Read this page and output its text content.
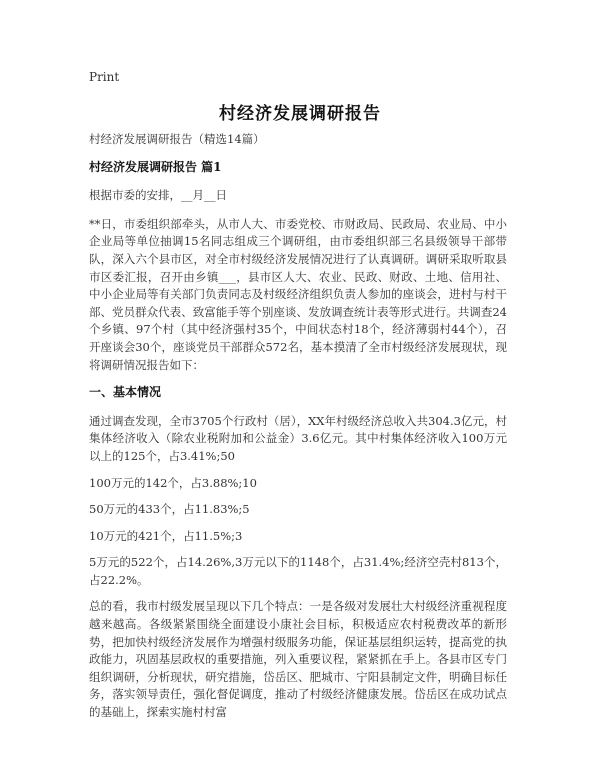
Print
村经济发展调研报告

村经济发展调研报告（精选14篇）

村经济发展调研报告 篇1

根据市委的安排，__月__日

**日，市委组织部牵头，从市人大、市委党校、市财政局、民政局、农业局、中小企业局等单位抽调15名同志组成三个调研组，由市委组织部三名县级领导干部带队，深入六个县市区，对全市村级经济发展情况进行了认真调研。调研采取听取县市区委汇报，召开由乡镇___，县市区人大、农业、民政、财政、土地、信用社、中小企业局等有关部门负责同志及村级经济组织负责人参加的座谈会，进村与村干部、党员群众代表、致富能手等个别座谈、发放调查统计表等形式进行。共调查24个乡镇、97个村（其中经济强村35个，中间状态村18个，经济薄弱村44个），召开座谈会30个，座谈党员干部群众572名，基本摸清了全市村级经济发展现状，现将调研情况报告如下：

一、基本情况

通过调查发现，全市3705个行政村（居），XX年村级经济总收入共304.3亿元，村集体经济收入（除农业税附加和公益金）3.6亿元。其中村集体经济收入100万元以上的125个，占3.41%;50

100万元的142个，占3.88%;10

50万元的433个，占11.83%;5

10万元的421个，占11.5%;3

5万元的522个，占14.26%,3万元以下的1148个，占31.4%;经济空壳村813个，占22.2%。

总的看，我市村级发展呈现以下几个特点：一是各级对发展壮大村级经济重视程度越来越高。各级紧紧围绕全面建设小康社会目标，积极适应农村税费改革的新形势，把加快村级经济发展作为增强村级服务功能，保证基层组织运转，提高党的执政能力，巩固基层政权的重要措施，列入重要议程，紧紧抓在手上。各县市区专门组织调研，分析现状，研究措施，岱岳区、肥城市、宁阳县制定文件，明确目标任务，落实领导责任，强化督促调度，推动了村级经济健康发展。岱岳区在成功试点的基础上，探索实施村村富
